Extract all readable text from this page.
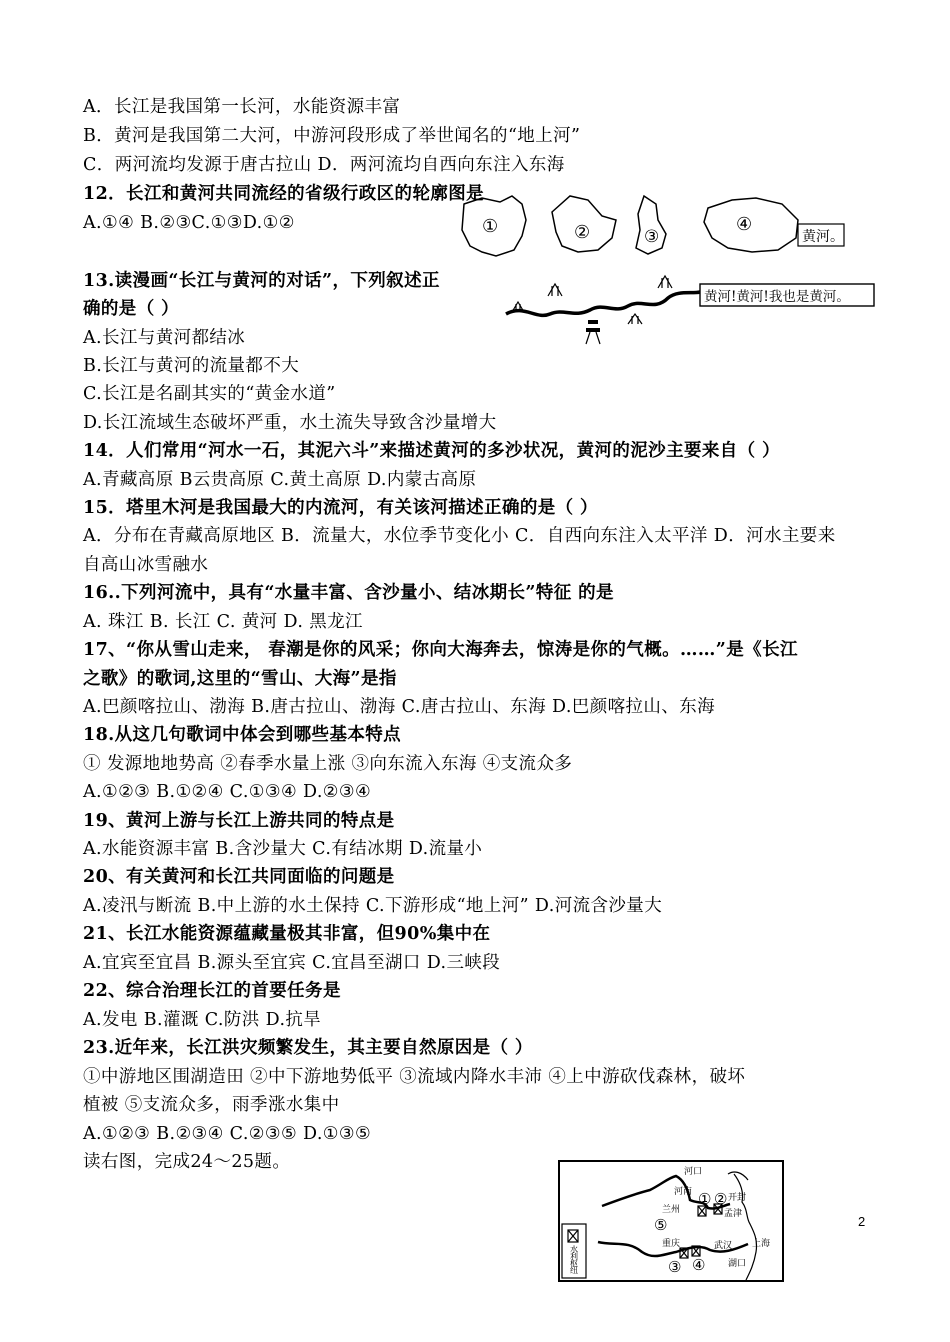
A．长江是我国第一长河，水能资源丰富
B．黄河是我国第二大河，中游河段形成了举世闻名的“地上河”
C．两河流均发源于唐古拉山 D．两河流均自西向东注入东海
12．长江和黄河共同流经的省级行政区的轮廓图是
A.①④ B.②③C.①③D.①②
13.读漫画“长江与黄河的对话”，下列叙述正
确的是（ ）
A.长江与黄河都结冰
B.长江与黄河的流量都不大
C.长江是名副其实的“黄金水道”
D.长江流域生态破坏严重，水土流失导致含沙量增大
14．人们常用“河水一石，其泥六斗”来描述黄河的多沙状况，黄河的泥沙主要来自（ ）
A.青藏高原 B云贵高原 C.黄土高原 D.内蒙古高原
15．塔里木河是我国最大的内流河，有关该河描述正确的是（ ）
A．分布在青藏高原地区 B．流量大，水位季节变化小 C．自西向东注入太平洋 D．河水主要来
自高山冰雪融水
16..下列河流中，具有“水量丰富、含沙量小、结冰期长”特征 的是
A. 珠江 B. 长江 C. 黄河 D. 黑龙江
17、“你从雪山走来， 春潮是你的风采；你向大海奔去，惊涛是你的气概。……”是《长江
之歌》的歌词,这里的“雪山、大海”是指
A.巴颜喀拉山、渤海 B.唐古拉山、渤海 C.唐古拉山、东海 D.巴颜喀拉山、东海
18.从这几句歌词中体会到哪些基本特点
① 发源地地势高 ②春季水量上涨 ③向东流入东海 ④支流众多
A.①②③ B.①②④ C.①③④ D.②③④
19、黄河上游与长江上游共同的特点是
A.水能资源丰富 B.含沙量大 C.有结冰期 D.流量小
20、有关黄河和长江共同面临的问题是
A.凌汛与断流 B.中上游的水土保持 C.下游形成“地上河” D.河流含沙量大
21、长江水能资源蕴藏量极其非富，但90%集中在
A.宜宾至宜昌 B.源头至宜宾 C.宜昌至湖口 D.三峡段
22、综合治理长江的首要任务是
A.发电 B.灌溉 C.防洪 D.抗旱
23.近年来，长江洪灾频繁发生，其主要自然原因是（ ）
①中游地区围湖造田 ②中下游地势低平 ③流域内降水丰沛 ④上中游砍伐森林，破坏
植被 ⑤支流众多，雨季涨水集中
A.①②③ B.②③④ C.②③⑤ D.①③⑤
读右图，完成24～25题。
①	②	③
④
黄河。
黄河!黄河!我也是黄河。
河口
河南
兰州
开封
孟津
重庆	武汉 上海
湖口
① ②
③ ④
⑤
水利枢纽
2
